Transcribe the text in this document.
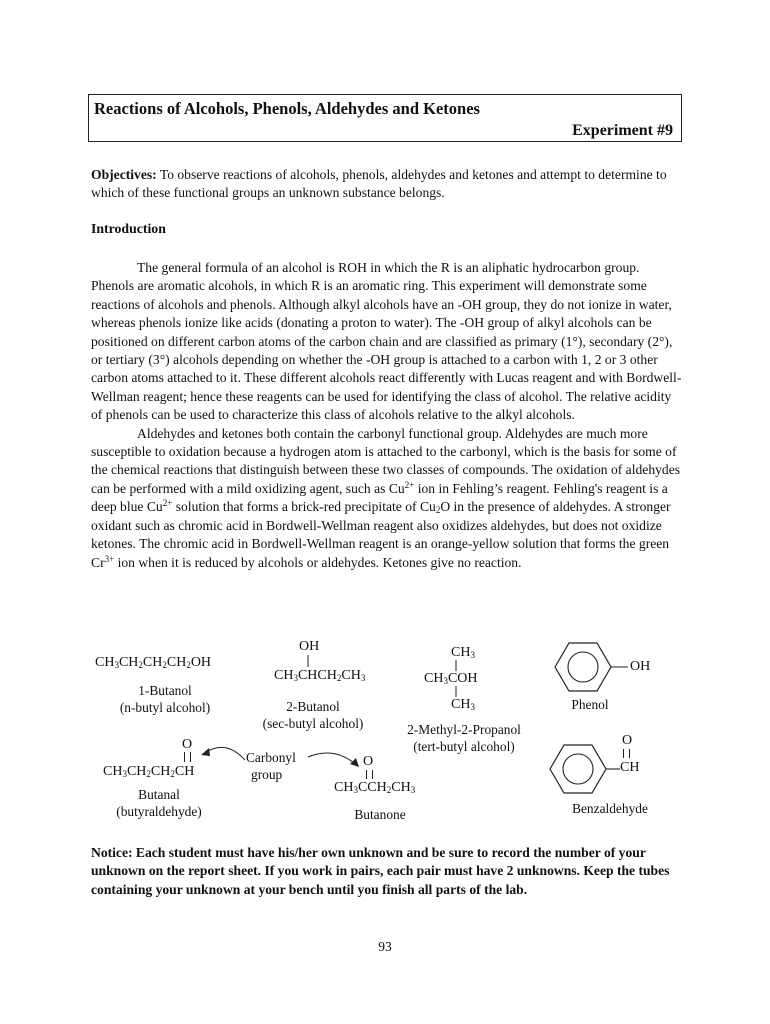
Reactions of Alcohols, Phenols, Aldehydes and Ketones
Experiment #9
Objectives: To observe reactions of alcohols, phenols, aldehydes and ketones and attempt to determine to which of these functional groups an unknown substance belongs.
Introduction

The general formula of an alcohol is ROH in which the R is an aliphatic hydrocarbon group. Phenols are aromatic alcohols, in which R is an aromatic ring. This experiment will demonstrate some reactions of alcohols and phenols. Although alkyl alcohols have an -OH group, they do not ionize in water, whereas phenols ionize like acids (donating a proton to water). The -OH group of alkyl alcohols can be positioned on different carbon atoms of the carbon chain and are classified as primary (1°), secondary (2°), or tertiary (3°) alcohols depending on whether the -OH group is attached to a carbon with 1, 2 or 3 other carbon atoms attached to it. These different alcohols react differently with Lucas reagent and with Bordwell-Wellman reagent; hence these reagents can be used for identifying the class of alcohol. The relative acidity of phenols can be used to characterize this class of alcohols relative to the alkyl alcohols.

Aldehydes and ketones both contain the carbonyl functional group. Aldehydes are much more susceptible to oxidation because a hydrogen atom is attached to the carbonyl, which is the basis for some of the chemical reactions that distinguish between these two classes of compounds. The oxidation of aldehydes can be performed with a mild oxidizing agent, such as $Cu^{2+}$ ion in Fehling’s reagent. Fehling's reagent is a deep blue $Cu^{2+}$ solution that forms a brick-red precipitate of $Cu_2O$ in the presence of aldehydes. A stronger oxidant such as chromic acid in Bordwell-Wellman reagent also oxidizes aldehydes, but does not oxidize ketones. The chromic acid in Bordwell-Wellman reagent is an orange-yellow solution that forms the green $Cr^{3+}$ ion when it is reduced by alcohols or aldehydes. Ketones give no reaction.

$CH_3CH_2CH_2CH_2OH$
1-Butanol
(n-butyl alcohol)
OH
$CH_3CHCH_2CH_3$
2-Butanol
(sec-butyl alcohol)
$CH_3$
$CH_3COH$
$CH_3$
2-Methyl-2-Propanol
(tert-butyl alcohol)
OH
Phenol
O
$CH_3CH_2CH_2CH$
Butanal
(butyraldehyde)
Carbonyl
group
O
$CH_3CCH_2CH_3$
Butanone
O
CH
Benzaldehyde
Notice: Each student must have his/her own unknown and be sure to record the number of your unknown on the report sheet. If you work in pairs, each pair must have 2 unknowns. Keep the tubes containing your unknown at your bench until you finish all parts of the lab.
93
